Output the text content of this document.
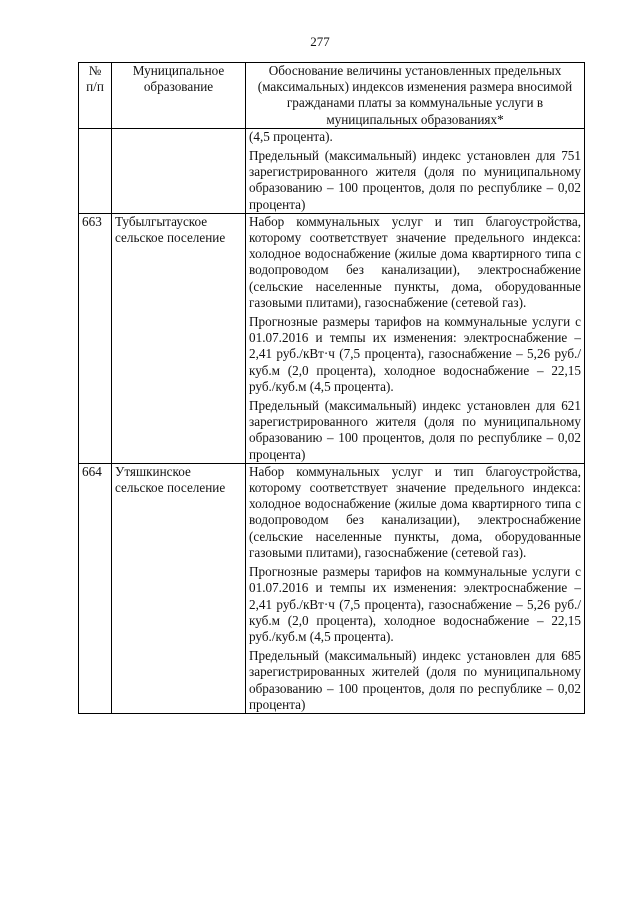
277
№ п/п	Муниципальное образование	Обоснование величины установленных предельных (максимальных) индексов изменения размера вносимой гражданами платы за коммунальные услуги в муниципальных образованиях*

		(4,5 процента).
Предельный (максимальный) индекс установлен для 751 зарегистрированного жителя (доля по муниципальному образованию – 100 процентов, доля по республике – 0,02 процента)

663	Тубылгытауское сельское поселение	Набор коммунальных услуг и тип благоустройства, которому соответствует значение предельного индекса: холодное водоснабжение (жилые дома квартирного типа с водопроводом без канализации), электроснабжение (сельские населенные пункты, дома, оборудованные газовыми плитами), газоснабжение (сетевой газ).
Прогнозные размеры тарифов на коммунальные услуги с 01.07.2016 и темпы их изменения: электроснабжение – 2,41 руб./кВт·ч (7,5 процента), газоснабжение – 5,26 руб./куб.м (2,0 процента), холодное водоснабжение – 22,15 руб./куб.м (4,5 процента).
Предельный (максимальный) индекс установлен для 621 зарегистрированного жителя (доля по муниципальному образованию – 100 процентов, доля по республике – 0,02 процента)

664	Утяшкинское сельское поселение	Набор коммунальных услуг и тип благоустройства, которому соответствует значение предельного индекса: холодное водоснабжение (жилые дома квартирного типа с водопроводом без канализации), электроснабжение (сельские населенные пункты, дома, оборудованные газовыми плитами), газоснабжение (сетевой газ).
Прогнозные размеры тарифов на коммунальные услуги с 01.07.2016 и темпы их изменения: электроснабжение – 2,41 руб./кВт·ч (7,5 процента), газоснабжение – 5,26 руб./куб.м (2,0 процента), холодное водоснабжение – 22,15 руб./куб.м (4,5 процента).
Предельный (максимальный) индекс установлен для 685 зарегистрированных жителей (доля по муниципальному образованию – 100 процентов, доля по республике – 0,02 процента)
